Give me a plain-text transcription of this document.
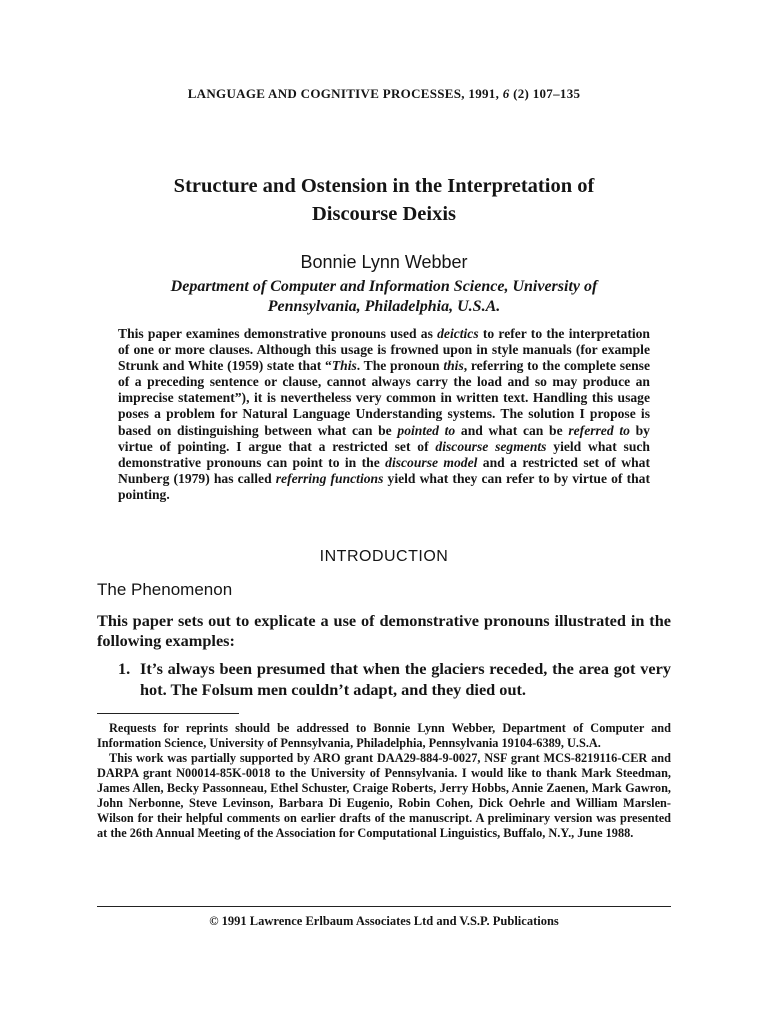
LANGUAGE AND COGNITIVE PROCESSES, 1991, 6 (2) 107–135
Structure and Ostension in the Interpretation of
Discourse Deixis
Bonnie Lynn Webber
Department of Computer and Information Science, University of
Pennsylvania, Philadelphia, U.S.A.
This paper examines demonstrative pronouns used as deictics to refer to the interpretation of one or more clauses. Although this usage is frowned upon in style manuals (for example Strunk and White (1959) state that “This. The pronoun this, referring to the complete sense of a preceding sentence or clause, cannot always carry the load and so may produce an imprecise statement”), it is nevertheless very common in written text. Handling this usage poses a problem for Natural Language Understanding systems. The solution I propose is based on distinguishing between what can be pointed to and what can be referred to by virtue of pointing. I argue that a restricted set of discourse segments yield what such demonstrative pronouns can point to in the discourse model and a restricted set of what Nunberg (1979) has called referring functions yield what they can refer to by virtue of that pointing.
INTRODUCTION
The Phenomenon
This paper sets out to explicate a use of demonstrative pronouns illustrated in the following examples:
1. It’s always been presumed that when the glaciers receded, the area got very hot. The Folsum men couldn’t adapt, and they died out.

Requests for reprints should be addressed to Bonnie Lynn Webber, Department of Computer and Information Science, University of Pennsylvania, Philadelphia, Pennsylvania 19104-6389, U.S.A.

This work was partially supported by ARO grant DAA29-884-9-0027, NSF grant MCS-8219116-CER and DARPA grant N00014-85K-0018 to the University of Pennsylvania. I would like to thank Mark Steedman, James Allen, Becky Passonneau, Ethel Schuster, Craige Roberts, Jerry Hobbs, Annie Zaenen, Mark Gawron, John Nerbonne, Steve Levinson, Barbara Di Eugenio, Robin Cohen, Dick Oehrle and William Marslen-Wilson for their helpful comments on earlier drafts of the manuscript. A preliminary version was presented at the 26th Annual Meeting of the Association for Computational Linguistics, Buffalo, N.Y., June 1988.

© 1991 Lawrence Erlbaum Associates Ltd and V.S.P. Publications
